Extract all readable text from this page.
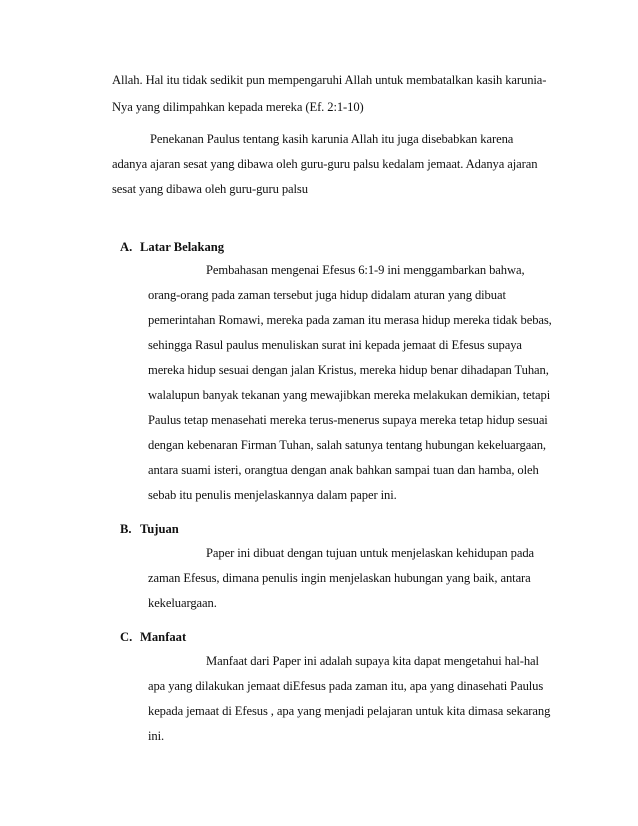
Allah. Hal itu tidak sedikit pun mempengaruhi Allah untuk membatalkan kasih karunia-
Nya yang dilimpahkan kepada mereka (Ef. 2:1-10)
Penekanan Paulus tentang kasih karunia Allah itu juga disebabkan karena
adanya ajaran sesat yang dibawa oleh guru-guru palsu kedalam jemaat. Adanya ajaran
sesat yang dibawa oleh guru-guru palsu
A. Latar Belakang
Pembahasan mengenai Efesus 6:1-9 ini menggambarkan bahwa,
orang-orang pada zaman tersebut juga hidup didalam aturan yang dibuat
pemerintahan Romawi, mereka pada zaman itu merasa hidup mereka tidak bebas,
sehingga Rasul paulus menuliskan surat ini kepada jemaat di Efesus supaya
mereka hidup sesuai dengan jalan Kristus, mereka hidup benar dihadapan Tuhan,
walalupun banyak tekanan yang mewajibkan mereka melakukan demikian, tetapi
Paulus tetap menasehati mereka terus-menerus supaya mereka tetap hidup sesuai
dengan kebenaran Firman Tuhan, salah satunya tentang hubungan kekeluargaan,
antara suami isteri, orangtua dengan anak bahkan sampai tuan dan hamba, oleh
sebab itu penulis menjelaskannya dalam paper ini.
B. Tujuan
Paper ini dibuat dengan tujuan untuk menjelaskan kehidupan pada
zaman Efesus, dimana penulis ingin menjelaskan hubungan yang baik, antara
kekeluargaan.
C. Manfaat
Manfaat dari Paper ini adalah supaya kita dapat mengetahui hal-hal
apa yang dilakukan jemaat diEfesus pada zaman itu, apa yang dinasehati Paulus
kepada jemaat di Efesus , apa yang menjadi pelajaran untuk kita dimasa sekarang
ini.
